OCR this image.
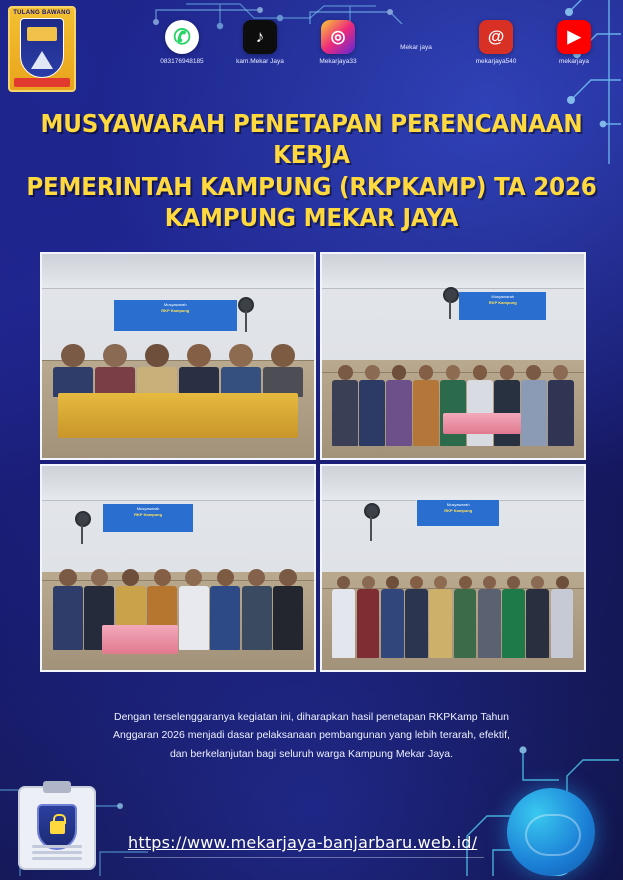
TULANG BAWANG
✆
083176948185
♪
kam.Mekar Jaya
◎
Mekarjaya33
Mekar jaya
@
mekarjaya540
▶
mekarjaya
MUSYAWARAH PENETAPAN PERENCANAAN KERJA
PEMERINTAH KAMPUNG (RKPKAMP) TA 2026
KAMPUNG MEKAR JAYA
Musyawarah
RKP Kampung
Musyawarah
RKP Kampung
Musyawarah
RKP Kampung
Musyawarah
RKP Kampung
Dengan terselenggaranya kegiatan ini, diharapkan hasil penetapan RKPKamp Tahun
Anggaran 2026 menjadi dasar pelaksanaan pembangunan yang lebih terarah, efektif,
dan berkelanjutan bagi seluruh warga Kampung Mekar Jaya.
https://www.mekarjaya-banjarbaru.web.id/
